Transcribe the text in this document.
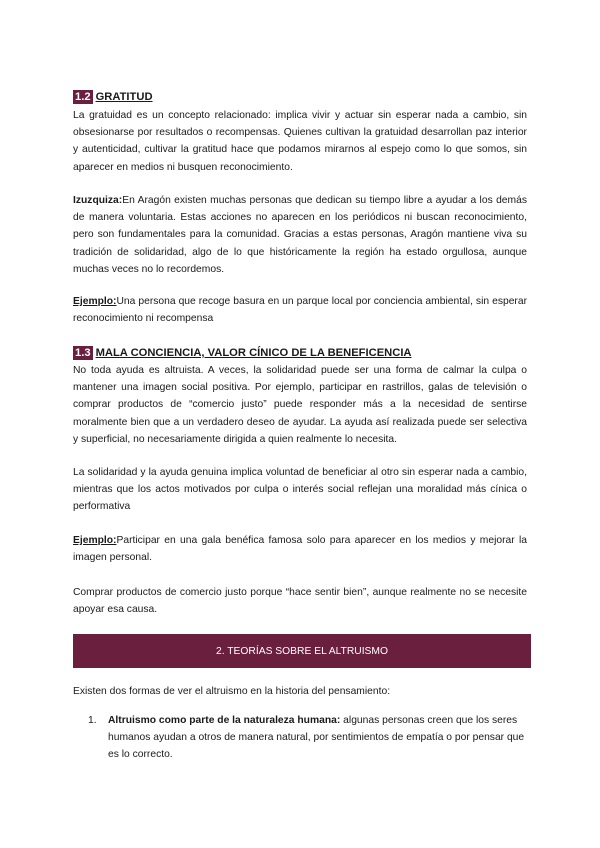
1.2 GRATITUD

La gratuidad es un concepto relacionado: implica vivir y actuar sin esperar nada a cambio, sin obsesionarse por resultados o recompensas. Quienes cultivan la gratuidad desarrollan paz interior y autenticidad, cultivar la gratitud hace que podamos mirarnos al espejo como lo que somos, sin aparecer en medios ni busquen reconocimiento.

Izuzquiza:En Aragón existen muchas personas que dedican su tiempo libre a ayudar a los demás de manera voluntaria. Estas acciones no aparecen en los periódicos ni buscan reconocimiento, pero son fundamentales para la comunidad. Gracias a estas personas, Aragón mantiene viva su tradición de solidaridad, algo de lo que históricamente la región ha estado orgullosa, aunque muchas veces no lo recordemos.

Ejemplo:Una persona que recoge basura en un parque local por conciencia ambiental, sin esperar reconocimiento ni recompensa

1.3 MALA CONCIENCIA, VALOR CÍNICO DE LA BENEFICENCIA

No toda ayuda es altruista. A veces, la solidaridad puede ser una forma de calmar la culpa o mantener una imagen social positiva. Por ejemplo, participar en rastrillos, galas de televisión o comprar productos de “comercio justo” puede responder más a la necesidad de sentirse moralmente bien que a un verdadero deseo de ayudar. La ayuda así realizada puede ser selectiva y superficial, no necesariamente dirigida a quien realmente lo necesita.

La solidaridad y la ayuda genuina implica voluntad de beneficiar al otro sin esperar nada a cambio, mientras que los actos motivados por culpa o interés social reflejan una moralidad más cínica o performativa

Ejemplo:Participar en una gala benéfica famosa solo para aparecer en los medios y mejorar la imagen personal.

Comprar productos de comercio justo porque “hace sentir bien”, aunque realmente no se necesite apoyar esa causa.

2. TEORÍAS SOBRE EL ALTRUISMO

Existen dos formas de ver el altruismo en la historia del pensamiento:

1. Altruismo como parte de la naturaleza humana: algunas personas creen que los seres humanos ayudan a otros de manera natural, por sentimientos de empatía o por pensar que es lo correcto.
